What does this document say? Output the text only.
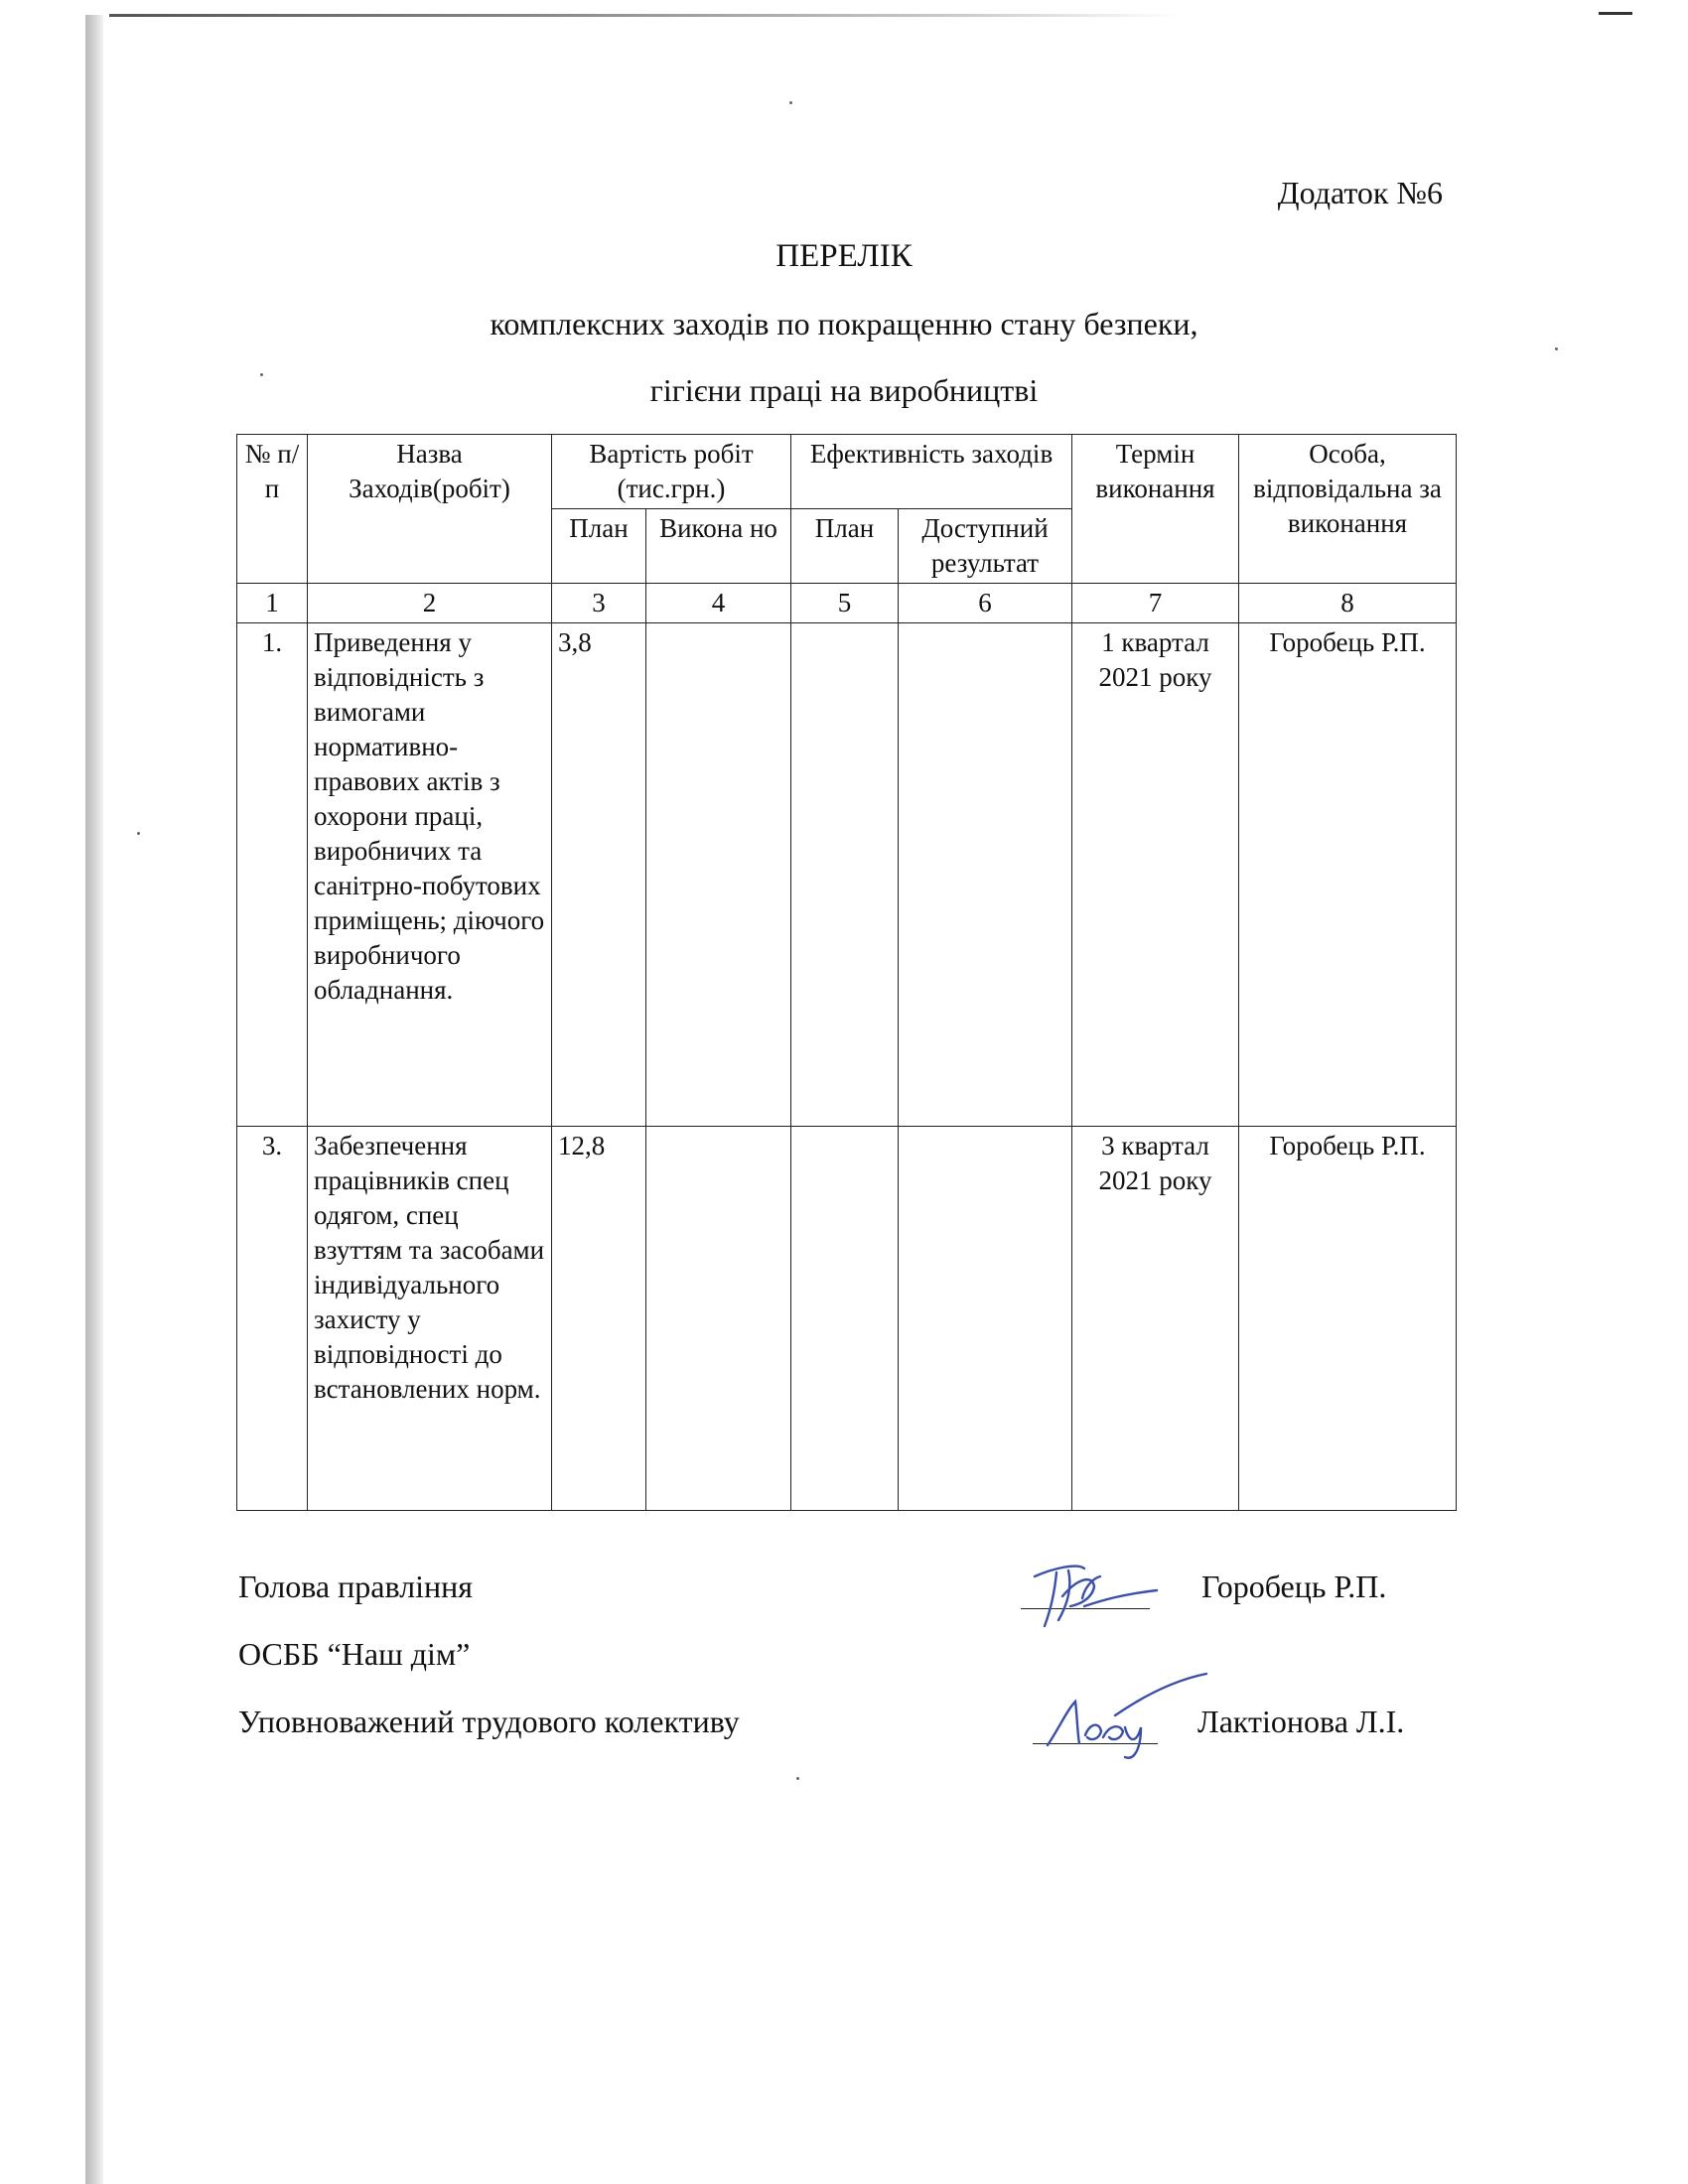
Додаток №6
ПЕРЕЛІК
комплексних заходів по покращенню стану безпеки,
гігієни праці на виробництві
№ п/п	Назва Заходів(робіт)	Вартість робіт (тис.грн.)		Ефективність заходів		Термін виконання	Особа, відповідальна за виконання
		План	Викона но	План	Доступний результат		
1	2	3	4	5	6	7	8
1.	Приведення у відповідність з вимогами нормативно-правових актів з охорони праці, виробничих та санітрно-побутових приміщень; діючого виробничого обладнання.	3,8				1 квартал 2021 року	Горобець Р.П.
3.	Забезпечення працівників спец одягом, спец взуттям та засобами індивідуального захисту у відповідності до встановлених норм.	12,8				3 квартал 2021 року	Горобець Р.П.
Голова правління
ОСББ “Наш дім”
Уповноважений трудового колективу
Горобець Р.П.
Лактіонова Л.І.
